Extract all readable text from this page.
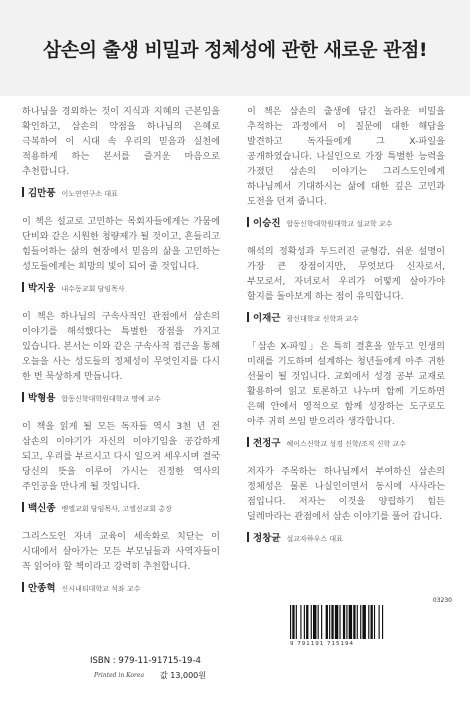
삼손의 출생 비밀과 정체성에 관한 새로운 관점!

하나님을 경외하는 것이 지식과 지혜의 근본임을 확인하고, 삼손의 약점을 하나님의 은혜로 극복하여 이 시대 속 우리의 믿음과 실천에 적용하게 하는 본서를 즐거운 마음으로 추천합니다.

김만풍 이노연연구소 대표

이 책은 설교로 고민하는 목회자들에게는 가뭄에 단비와 같은 시원한 청량제가 될 것이고, 흔들리고 힘들어하는 삶의 현장에서 믿음의 삶을 고민하는 성도들에게는 희망의 빛이 되어 줄 것입니다.

박지웅 내수동교회 담임목사

이 책은 하나님의 구속사적인 관점에서 삼손의 이야기를 해석했다는 특별한 장점을 가지고 있습니다. 본서는 이와 같은 구속사적 접근을 통해 오늘을 사는 성도들의 정체성이 무엇인지를 다시 한 번 묵상하게 만듭니다.

박형용 합동신학대학원대학교 명예 교수

이 책을 읽게 될 모든 독자들 역시 3천 년 전 삼손의 이야기가 자신의 이야기임을 공감하게 되고, 우리를 부르시고 다시 일으켜 세우시며 결국 당신의 뜻을 이루어 가시는 진정한 역사의 주인공을 만나게 될 것입니다.

백신종 벧엘교회 담임목사, 고엘선교회 총장

그리스도인 자녀 교육이 세속화로 치닫는 이 시대에서 살아가는 모든 부모님들과 사역자들이 꼭 읽어야 할 책이라고 강력히 추천합니다.

안종혁 신시내티대학교 석좌 교수

이 책은 삼손의 출생에 담긴 놀라운 비밀을 추적하는 과정에서 이 질문에 대한 해답을 발견하고 독자들에게 그 X-파일을 공개하였습니다. 나실인으로 가장 특별한 능력을 가졌던 삼손의 이야기는 그리스도인에게 하나님께서 기대하시는 삶에 대한 깊은 고민과 도전을 던져 줍니다.

이승진 합동신학대학원대학교 설교학 교수

해석의 정확성과 두드러진 균형감, 쉬운 설명이 가장 큰 장점이지만, 무엇보다 신자로서, 부모로서, 자녀로서 우리가 어떻게 살아가야 할지를 돌아보게 하는 점이 유익합니다.

이재근 광신대학교 신학과 교수

「삼손 X-파일」은 특히 결혼을 앞두고 인생의 미래를 기도하며 설계하는 청년들에게 아주 귀한 선물이 될 것입니다. 교회에서 성경 공부 교재로 활용하여 읽고 토론하고 나누며 함께 기도하면 은혜 안에서 영적으로 함께 성장하는 도구로도 아주 귀히 쓰임 받으리라 생각합니다.

전정구 헤이스신학교 성경 신학/조직 신학 교수

저자가 주목하는 하나님께서 부여하신 삼손의 정체성은 물론 나실인이면서 동시에 사사라는 점입니다. 저자는 이것을 양립하기 힘든 딜레마라는 관점에서 삼손 이야기를 풀어 갑니다.

정창균 설교자하우스 대표
03230
9 791191 715194
ISBN : 979-11-91715-19-4
Printed in Korea 값 13,000원
